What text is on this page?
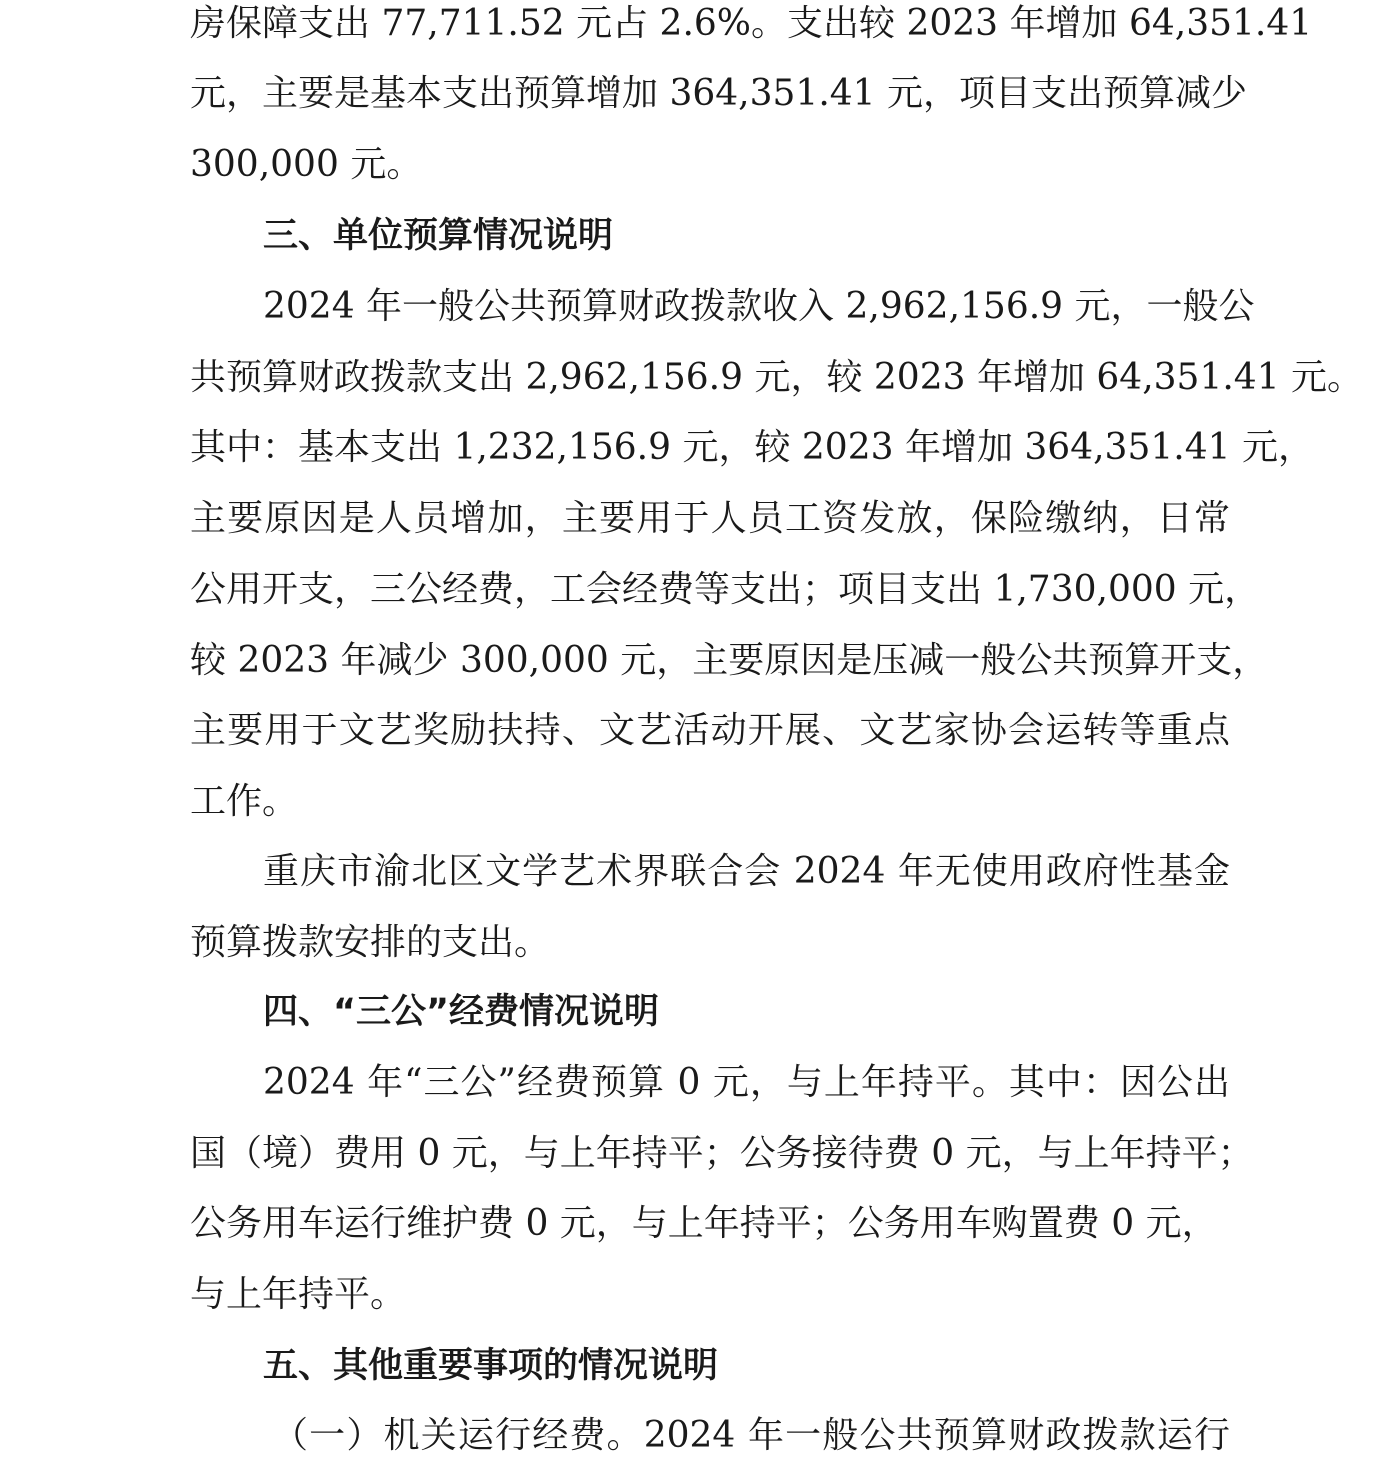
房保障支出 77,711.52 元占 2.6%。支出较 2023 年增加 64,351.41
元，主要是基本支出预算增加 364,351.41 元，项目支出预算减少
300,000 元。
三、单位预算情况说明
2024 年一般公共预算财政拨款收入 2,962,156.9 元，一般公
共预算财政拨款支出 2,962,156.9 元，较 2023 年增加 64,351.41 元。
其中：基本支出 1,232,156.9 元，较 2023 年增加 364,351.41 元，
主要原因是人员增加，主要用于人员工资发放，保险缴纳，日常
公用开支，三公经费，工会经费等支出；项目支出 1,730,000 元，
较 2023 年减少 300,000 元，主要原因是压减一般公共预算开支，
主要用于文艺奖励扶持、文艺活动开展、文艺家协会运转等重点
工作。
重庆市渝北区文学艺术界联合会 2024 年无使用政府性基金
预算拨款安排的支出。
四、“三公”经费情况说明
2024 年“三公”经费预算 0 元，与上年持平。其中：因公出
国（境）费用 0 元，与上年持平；公务接待费 0 元，与上年持平；
公务用车运行维护费 0 元，与上年持平；公务用车购置费 0 元，
与上年持平。
五、其他重要事项的情况说明
（一）机关运行经费。2024 年一般公共预算财政拨款运行
